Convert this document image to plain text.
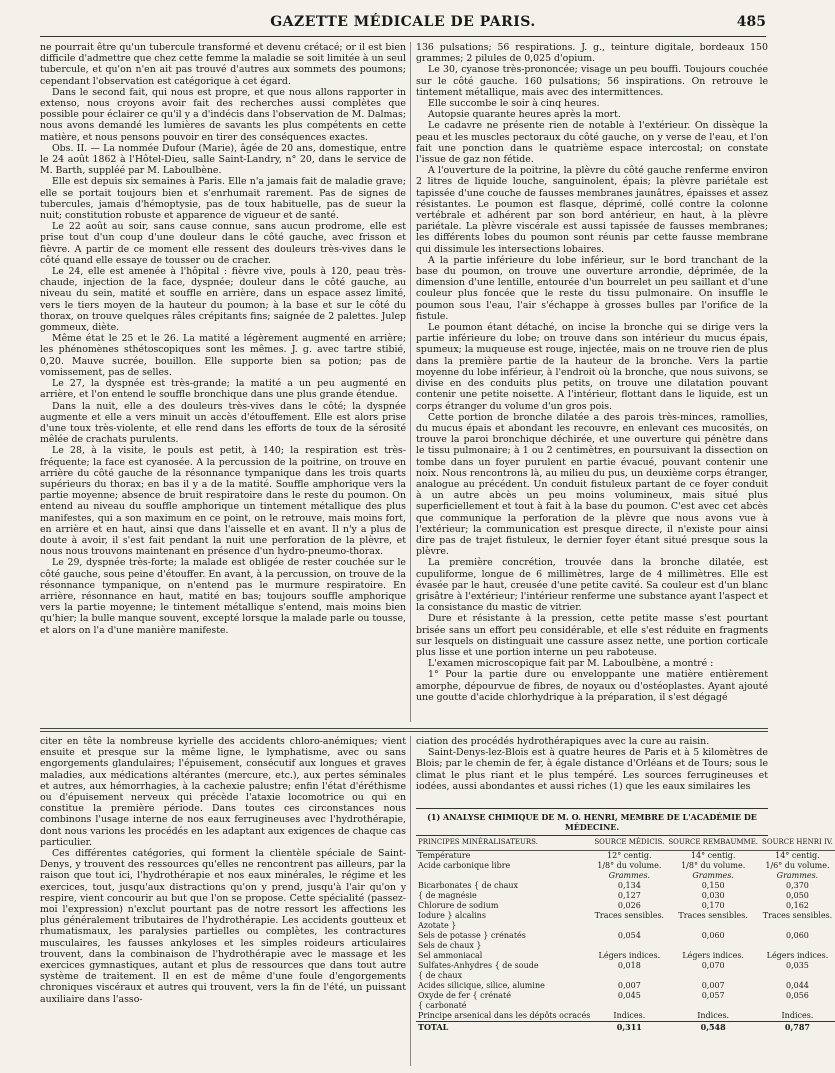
GAZETTE MÉDICALE DE PARIS.	485

ne pourrait être qu'un tubercule transformé et devenu crétacé; or il est bien difficile d'admettre que chez cette femme la maladie se soit limitée à un seul tubercule, et qu'on n'en ait pas trouvé d'autres aux sommets des poumons; cependant l'observation est catégorique à cet égard.

Dans le second fait, qui nous est propre, et que nous allons rapporter in extenso, nous croyons avoir fait des recherches aussi complètes que possible pour éclairer ce qu'il y a d'indécis dans l'observation de M. Dalmas; nous avons demandé les lumières de savants les plus compétents en cette matière, et nous pensons pouvoir en tirer des conséquences exactes.

Obs. II. — La nommée Dufour (Marie), âgée de 20 ans, domestique, entre le 24 août 1862 à l'Hôtel-Dieu, salle Saint-Landry, n° 20, dans le service de M. Barth, suppléé par M. Laboulbène.

Elle est depuis six semaines à Paris. Elle n'a jamais fait de maladie grave; elle se portait toujours bien et s'enrhumait rarement. Pas de signes de tubercules, jamais d'hémoptysie, pas de toux habituelle, pas de sueur la nuit; constitution robuste et apparence de vigueur et de santé.

Le 22 août au soir, sans cause connue, sans aucun prodrome, elle est prise tout d'un coup d'une douleur dans le côté gauche, avec frisson et fièvre. A partir de ce moment elle ressent des douleurs très-vives dans le côté quand elle essaye de tousser ou de cracher.

Le 24, elle est amenée à l'hôpital : fièvre vive, pouls à 120, peau très-chaude, injection de la face, dyspnée; douleur dans le côté gauche, au niveau du sein, matité et souffle en arrière, dans un espace assez limité, vers le tiers moyen de la hauteur du poumon; à la base et sur le côté du thorax, on trouve quelques râles crépitants fins; saignée de 2 palettes. Julep gommeux, diète.

Même état le 25 et le 26. La matité a légèrement augmenté en arrière; les phénomènes sthétoscopiques sont les mêmes. J. g. avec tartre stibié, 0,20. Mauve sucrée, bouillon. Elle supporte bien sa potion; pas de vomissement, pas de selles.

Le 27, la dyspnée est très-grande; la matité a un peu augmenté en arrière, et l'on entend le souffle bronchique dans une plus grande étendue.

Dans la nuit, elle a des douleurs très-vives dans le côté; la dyspnée augmente et elle a vers minuit un accès d'étouffement. Elle est alors prise d'une toux très-violente, et elle rend dans les efforts de toux de la sérosité mêlée de crachats purulents.

Le 28, à la visite, le pouls est petit, à 140; la respiration est très-fréquente; la face est cyanosée. A la percussion de la poitrine, on trouve en arrière du côté gauche de la résonnance tympanique dans les trois quarts supérieurs du thorax; en bas il y a de la matité. Souffle amphorique vers la partie moyenne; absence de bruit respiratoire dans le reste du poumon. On entend au niveau du souffle amphorique un tintement métallique des plus manifestes, qui a son maximum en ce point, on le retrouve, mais moins fort, en arrière et en haut, ainsi que dans l'aisselle et en avant. Il n'y a plus de doute à avoir, il s'est fait pendant la nuit une perforation de la plèvre, et nous nous trouvons maintenant en présence d'un hydro-pneumo-thorax.

Le 29, dyspnée très-forte; la malade est obligée de rester couchée sur le côté gauche, sous peine d'étouffer. En avant, à la percussion, on trouve de la résonnance tympanique, on n'entend pas le murmure respiratoire. En arrière, résonnance en haut, matité en bas; toujours souffle amphorique vers la partie moyenne; le tintement métallique s'entend, mais moins bien qu'hier; la bulle manque souvent, excepté lorsque la malade parle ou tousse, et alors on l'a d'une manière manifeste.

136 pulsations; 56 respirations. J. g., teinture digitale, bordeaux 150 grammes; 2 pilules de 0,025 d'opium.

Le 30, cyanose très-prononcée; visage un peu bouffi. Toujours couchée sur le côté gauche. 160 pulsations; 56 inspirations. On retrouve le tintement métallique, mais avec des intermittences.

Elle succombe le soir à cinq heures.

Autopsie quarante heures après la mort.

Le cadavre ne présente rien de notable à l'extérieur. On dissèque la peau et les muscles pectoraux du côté gauche, on y verse de l'eau, et l'on fait une ponction dans le quatrième espace intercostal; on constate l'issue de gaz non fétide.

A l'ouverture de la poitrine, la plèvre du côté gauche renferme environ 2 litres de liquide louche, sanguinolent, épais; la plèvre pariétale est tapissée d'une couche de fausses membranes jaunâtres, épaisses et assez résistantes. Le poumon est flasque, déprimé, collé contre la colonne vertébrale et adhérent par son bord antérieur, en haut, à la plèvre pariétale. La plèvre viscérale est aussi tapissée de fausses membranes; les différents lobes du poumon sont réunis par cette fausse membrane qui dissimule les intersections lobaires.

A la partie inférieure du lobe inférieur, sur le bord tranchant de la base du poumon, on trouve une ouverture arrondie, déprimée, de la dimension d'une lentille, entourée d'un bourrelet un peu saillant et d'une couleur plus foncée que le reste du tissu pulmonaire. On insuffle le poumon sous l'eau, l'air s'échappe à grosses bulles par l'orifice de la fistule.

Le poumon étant détaché, on incise la bronche qui se dirige vers la partie inférieure du lobe; on trouve dans son intérieur du mucus épais, spumeux; la muqueuse est rouge, injectée, mais on ne trouve rien de plus dans la première partie de la hauteur de la bronche. Vers la partie moyenne du lobe inférieur, à l'endroit où la bronche, que nous suivons, se divise en des conduits plus petits, on trouve une dilatation pouvant contenir une petite noisette. A l'intérieur, flottant dans le liquide, est un corps étranger du volume d'un gros pois.

Cette portion de bronche dilatée a des parois très-minces, ramollies, du mucus épais et abondant les recouvre, en enlevant ces mucosités, on trouve la paroi bronchique déchirée, et une ouverture qui pénètre dans le tissu pulmonaire; à 1 ou 2 centimètres, en poursuivant la dissection on tombe dans un foyer purulent en partie évacué, pouvant contenir une noix. Nous rencontrons là, au milieu du pus, un deuxième corps étranger, analogue au précédent. Un conduit fistuleux partant de ce foyer conduit à un autre abcès un peu moins volumineux, mais situé plus superficiellement et tout à fait à la base du poumon. C'est avec cet abcès que communique la perforation de la plèvre que nous avons vue à l'extérieur; la communication est presque directe, il n'existe pour ainsi dire pas de trajet fistuleux, le dernier foyer étant situé presque sous la plèvre.

La première concrétion, trouvée dans la bronche dilatée, est cupuliforme, longue de 6 millimètres, large de 4 millimètres. Elle est évasée par le haut, creusée d'une petite cavité. Sa couleur est d'un blanc grisâtre à l'extérieur; l'intérieur renferme une substance ayant l'aspect et la consistance du mastic de vitrier.

Dure et résistante à la pression, cette petite masse s'est pourtant brisée sans un effort peu considérable, et elle s'est réduite en fragments sur lesquels on distinguait une cassure assez nette, une portion corticale plus lisse et une portion interne un peu raboteuse.

L'examen microscopique fait par M. Laboulbène, a montré :

1° Pour la partie dure ou enveloppante une matière entièrement amorphe, dépourvue de fibres, de noyaux ou d'ostéoplastes. Ayant ajouté une goutte d'acide chlorhydrique à la préparation, il s'est dégagé

citer en tête la nombreuse kyrielle des accidents chloro-anémiques; vient ensuite et presque sur la même ligne, le lymphatisme, avec ou sans engorgements glandulaires; l'épuisement, consécutif aux longues et graves maladies, aux médications altérantes (mercure, etc.), aux pertes séminales et autres, aux hémorrhagies, à la cachexie palustre; enfin l'état d'éréthisme ou d'épuisement nerveux qui précède l'ataxie locomotrice ou qui en constitue la première période. Dans toutes ces circonstances nous combinons l'usage interne de nos eaux ferrugineuses avec l'hydrothérapie, dont nous varions les procédés en les adaptant aux exigences de chaque cas particulier.

Ces différentes catégories, qui forment la clientèle spéciale de Saint-Denys, y trouvent des ressources qu'elles ne rencontrent pas ailleurs, par la raison que tout ici, l'hydrothérapie et nos eaux minérales, le régime et les exercices, tout, jusqu'aux distractions qu'on y prend, jusqu'à l'air qu'on y respire, vient concourir au but que l'on se propose. Cette spécialité (passez-moi l'expression) n'exclut pourtant pas de notre ressort les affections les plus généralement tributaires de l'hydrothérapie. Les accidents goutteux et rhumatismaux, les paralysies partielles ou complètes, les contractures musculaires, les fausses ankyloses et les simples roideurs articulaires trouvent, dans la combinaison de l'hydrothérapie avec le massage et les exercices gymnastiques, autant et plus de ressources que dans tout autre système de traitement. Il en est de même d'une foule d'engorgements chroniques viscéraux et autres qui trouvent, vers la fin de l'été, un puissant auxiliaire dans l'asso-

ciation des procédés hydrothérapiques avec la cure au raisin.

Saint-Denys-lez-Blois est à quatre heures de Paris et à 5 kilomètres de Blois; par le chemin de fer, à égale distance d'Orléans et de Tours; sous le climat le plus riant et le plus tempéré. Les sources ferrugineuses et iodées, aussi abondantes et aussi riches (1) que les eaux similaires les

(1) ANALYSE CHIMIQUE DE M. O. HENRI, MEMBRE DE L'ACADÉMIE DE MÉDECINE.
PRINCIPES MINÉRALISATEURS.	SOURCE MÉDICIS.	SOURCE REMBAUMME.	SOURCE HENRI IV.
Température	12° centig.	14° centig.	14° centig.
Acide carbonique libre	1/8° du volume.	1/8° du volume.	1/6° du volume.
	Grammes.	Grammes.	Grammes.
Bicarbonates { de chaux	0,134	0,150	0,370
{ de magnésie	0,127	0,030	0,050
Chlorure de sodium	0,026	0,170	0,162
Iodure } alcalins	Traces sensibles.	Traces sensibles.	Traces sensibles.
Azotate }			
Sels de potasse } crénatés	0,054	0,060	0,060
Sels de chaux }			
Sel ammoniacal	Légers indices.	Légers indices.	Légers indices.
Sulfates-Anhydres { de soude	0,018	0,070	0,035
{ de chaux			
Acides silicique, silice, alumine	0,007	0,007	0,044
Oxyde de fer { crénaté	0,045	0,057	0,056
{ carbonaté			
Principe arsenical dans les dépôts ocracés	Indices.	Indices.	Indices.
TOTAL	0,311	0,548	0,787
